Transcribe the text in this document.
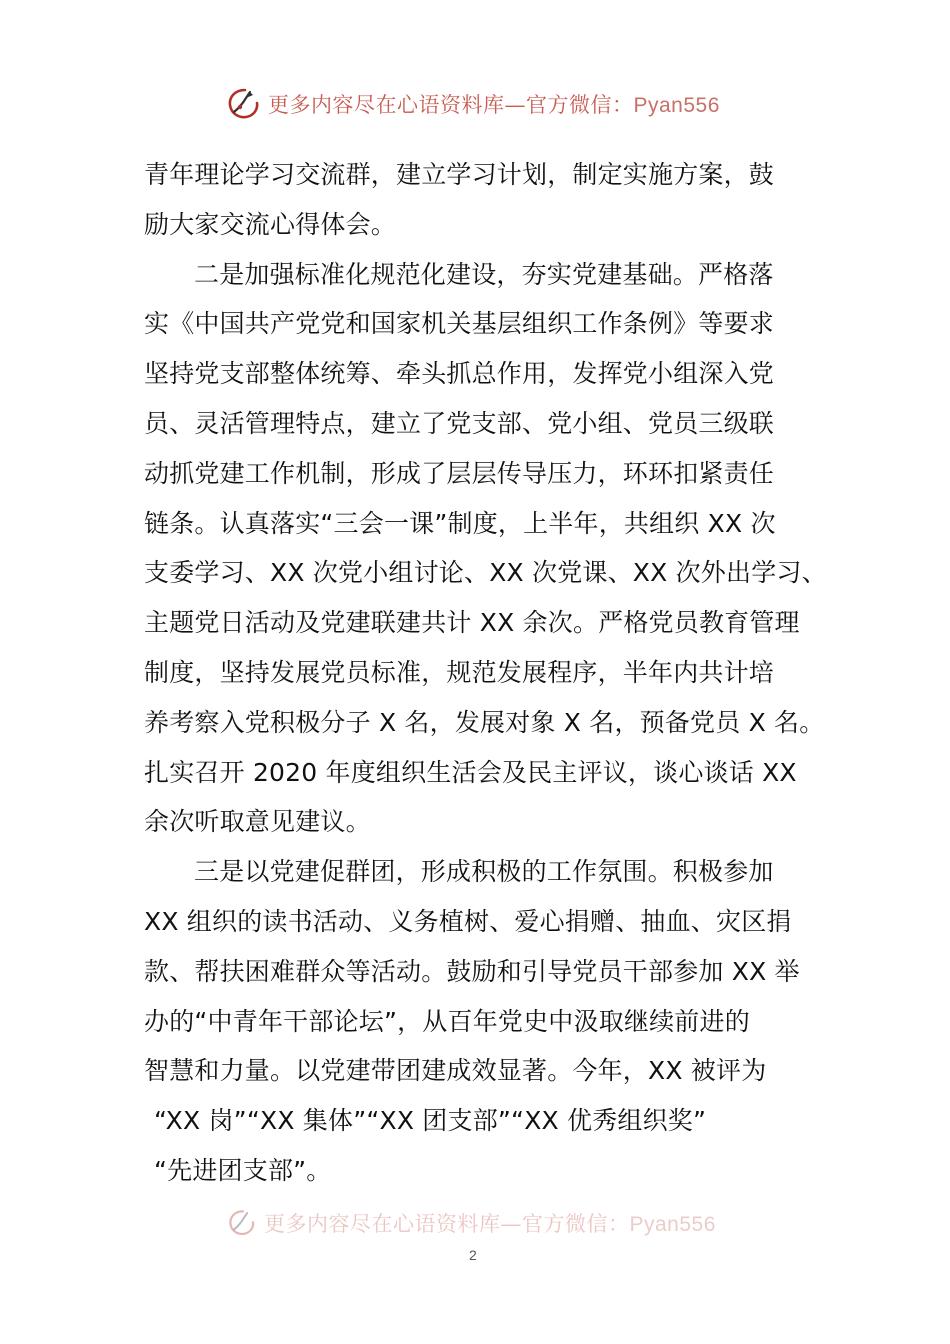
更多内容尽在心语资料库—官方微信：Pyan556
青年理论学习交流群，建立学习计划，制定实施方案，鼓
励大家交流心得体会。
二是加强标准化规范化建设，夯实党建基础。严格落
实《中国共产党党和国家机关基层组织工作条例》等要求
坚持党支部整体统筹、牵头抓总作用，发挥党小组深入党
员、灵活管理特点，建立了党支部、党小组、党员三级联
动抓党建工作机制，形成了层层传导压力，环环扣紧责任
链条。认真落实“三会一课”制度，上半年，共组织 XX 次
支委学习、XX 次党小组讨论、XX 次党课、XX 次外出学习、
主题党日活动及党建联建共计 XX 余次。严格党员教育管理
制度，坚持发展党员标准，规范发展程序，半年内共计培
养考察入党积极分子 X 名，发展对象 X 名，预备党员 X 名。
扎实召开 2020 年度组织生活会及民主评议，谈心谈话 XX
余次听取意见建议。
三是以党建促群团，形成积极的工作氛围。积极参加
XX 组织的读书活动、义务植树、爱心捐赠、抽血、灾区捐
款、帮扶困难群众等活动。鼓励和引导党员干部参加 XX 举
办的“中青年干部论坛”，从百年党史中汲取继续前进的
智慧和力量。以党建带团建成效显著。今年，XX 被评为
“XX 岗”“XX 集体”“XX 团支部”“XX 优秀组织奖”
“先进团支部”。
更多内容尽在心语资料库—官方微信：Pyan556
2
